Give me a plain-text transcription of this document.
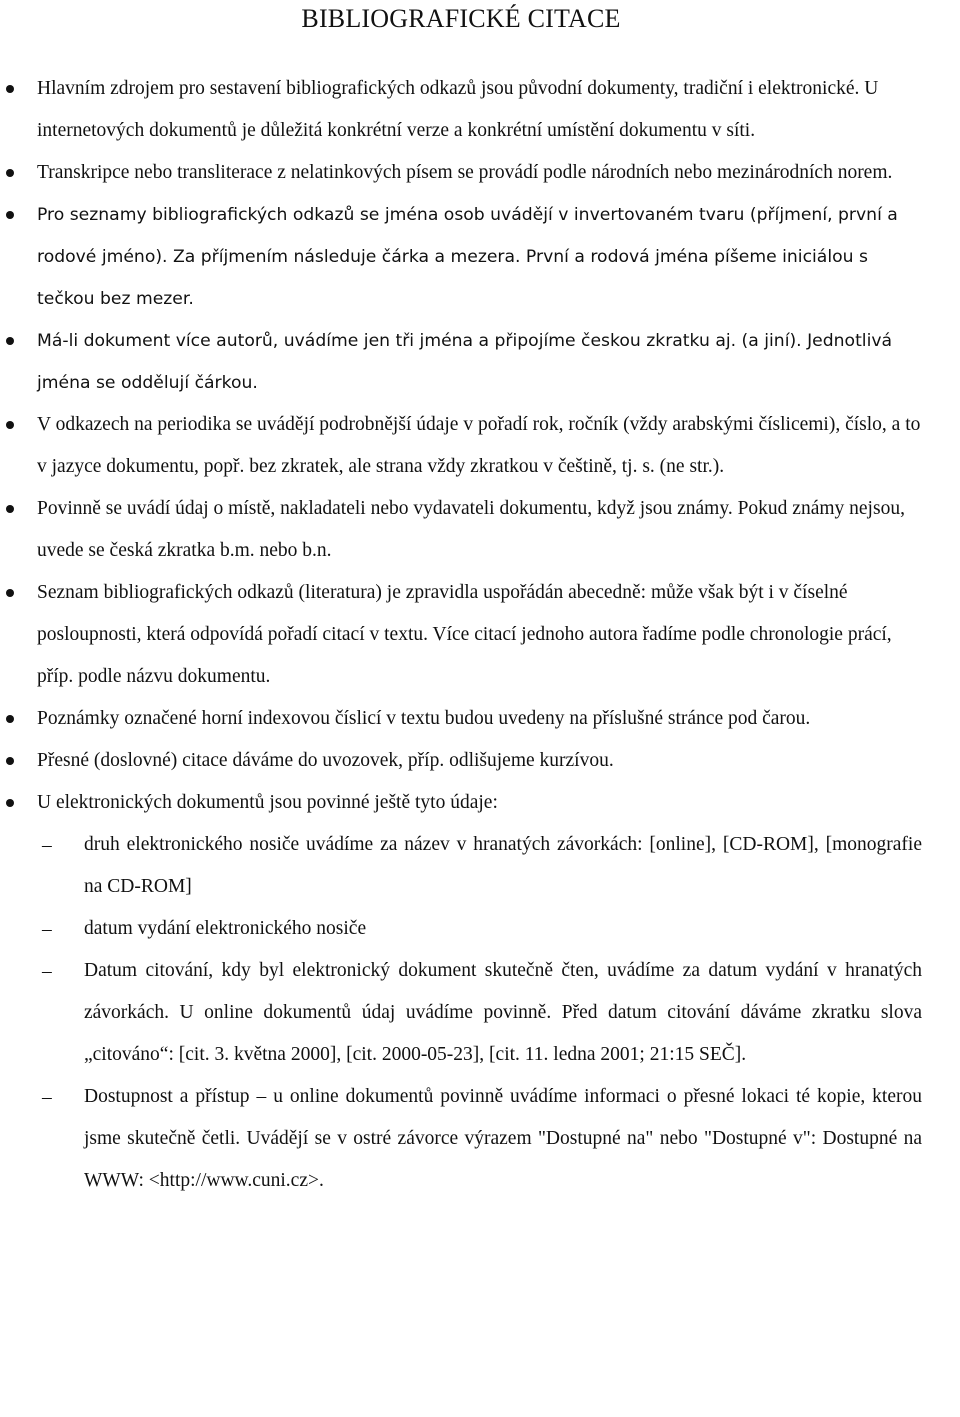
BIBLIOGRAFICKÉ CITACE
Hlavním zdrojem pro sestavení bibliografických odkazů jsou původní dokumenty, tradiční i elektronické. U internetových dokumentů je důležitá konkrétní verze a konkrétní umístění dokumentu v síti.
Transkripce nebo transliterace z nelatinkových písem se provádí podle národních nebo mezinárodních norem.
Pro seznamy bibliografických odkazů se jména osob uvádějí v invertovaném tvaru (příjmení, první a rodové jméno). Za příjmením následuje čárka a mezera. První a rodová jména píšeme iniciálou s tečkou bez mezer.
Má-li dokument více autorů, uvádíme jen tři jména a připojíme českou zkratku aj. (a jiní). Jednotlivá jména se oddělují čárkou.
V odkazech na periodika se uvádějí podrobnější údaje v pořadí rok, ročník (vždy arabskými číslicemi), číslo, a to v jazyce dokumentu, popř. bez zkratek, ale strana vždy zkratkou v češtině, tj. s. (ne str.).
Povinně se uvádí údaj o místě, nakladateli nebo vydavateli dokumentu, když jsou známy. Pokud známy nejsou, uvede se česká zkratka b.m. nebo b.n.
Seznam bibliografických odkazů (literatura) je zpravidla uspořádán abecedně: může však být i v číselné posloupnosti, která odpovídá pořadí citací v textu. Více citací jednoho autora řadíme podle chronologie prácí, příp. podle názvu dokumentu.
Poznámky označené horní indexovou číslicí v textu budou uvedeny na příslušné stránce pod čarou.
Přesné (doslovné) citace dáváme do uvozovek, příp. odlišujeme kurzívou.
U elektronických dokumentů jsou povinné ještě tyto údaje:
– druh elektronického nosiče uvádíme za název v hranatých závorkách: [online], [CD-ROM], [monografie na CD-ROM]
– datum vydání elektronického nosiče
– Datum citování, kdy byl elektronický dokument skutečně čten, uvádíme za datum vydání v hranatých závorkách. U online dokumentů údaj uvádíme povinně. Před datum citování dáváme zkratku slova „citováno“: [cit. 3. května 2000], [cit. 2000-05-23], [cit. 11. ledna 2001; 21:15 SEČ].
– Dostupnost a přístup – u online dokumentů povinně uvádíme informaci o přesné lokaci té kopie, kterou jsme skutečně četli. Uvádějí se v ostré závorce výrazem "Dostupné na" nebo "Dostupné v": Dostupné na WWW: <http://www.cuni.cz>.
